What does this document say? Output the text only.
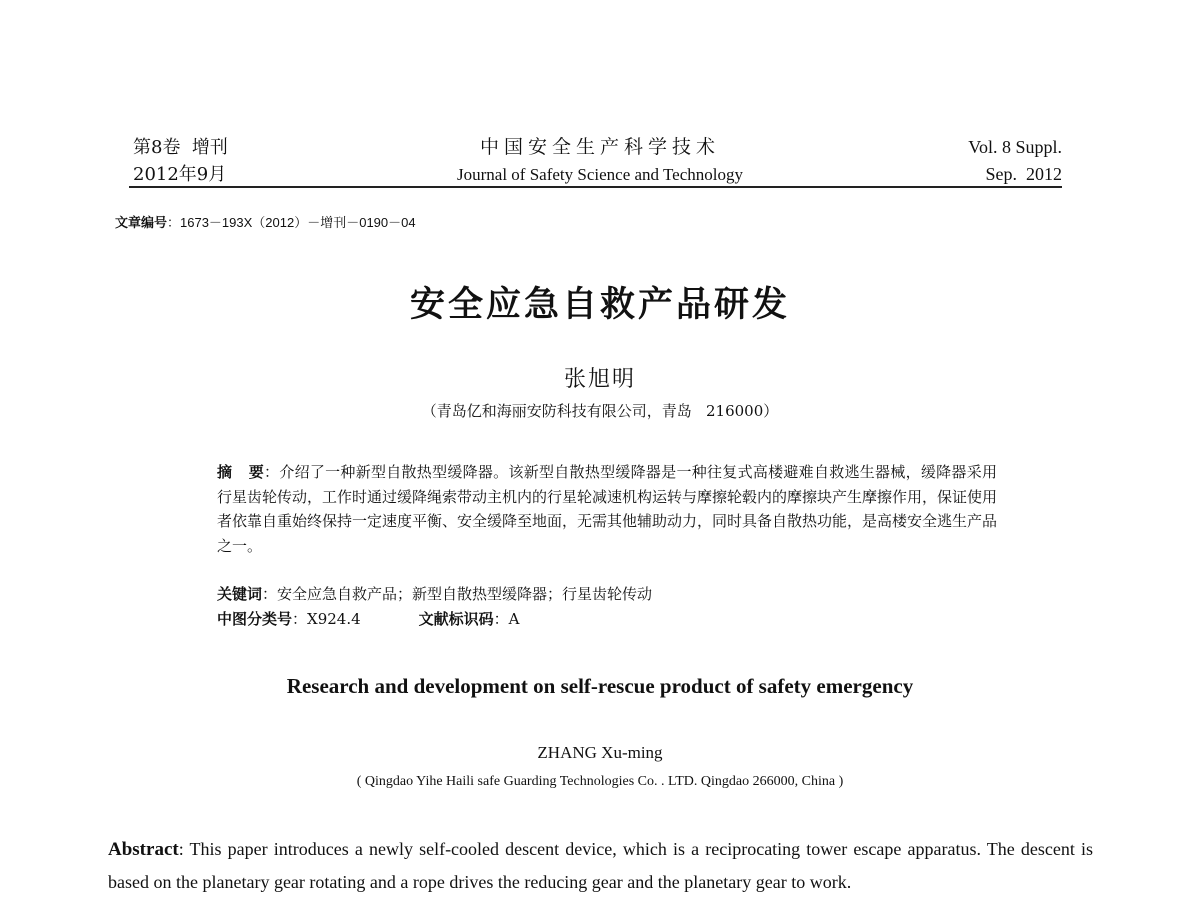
第8卷  增刊
2012年9月
中国安全生产科学技术
Journal of Safety Science and Technology
Vol. 8 Suppl.
Sep.  2012
文章编号：1673－193X（2012）－增刊－0190－04
安全应急自救产品研发
张旭明
（青岛亿和海丽安防科技有限公司，青岛   216000）
摘   要：介绍了一种新型自散热型缓降器。该新型自散热型缓降器是一种往复式高楼避难自救逃生器械，缓降器采用行星齿轮传动，工作时通过缓降绳索带动主机内的行星轮减速机构运转与摩擦轮毂内的摩擦块产生摩擦作用，保证使用者依靠自重始终保持一定速度平衡、安全缓降至地面，无需其他辅助动力，同时具备自散热功能，是高楼安全逃生产品之一。
关键词：安全应急自救产品；新型自散热型缓降器；行星齿轮传动
中图分类号：X924.4	文献标识码：A
Research and development on self-rescue product of safety emergency
ZHANG Xu-ming
( Qingdao Yihe Haili safe Guarding Technologies Co. . LTD. Qingdao 266000, China )
Abstract: This paper introduces a newly self-cooled descent device, which is a reciprocating tower escape apparatus. The descent is based on the planetary gear rotating and a rope drives the reducing gear and the planetary gear to work.
